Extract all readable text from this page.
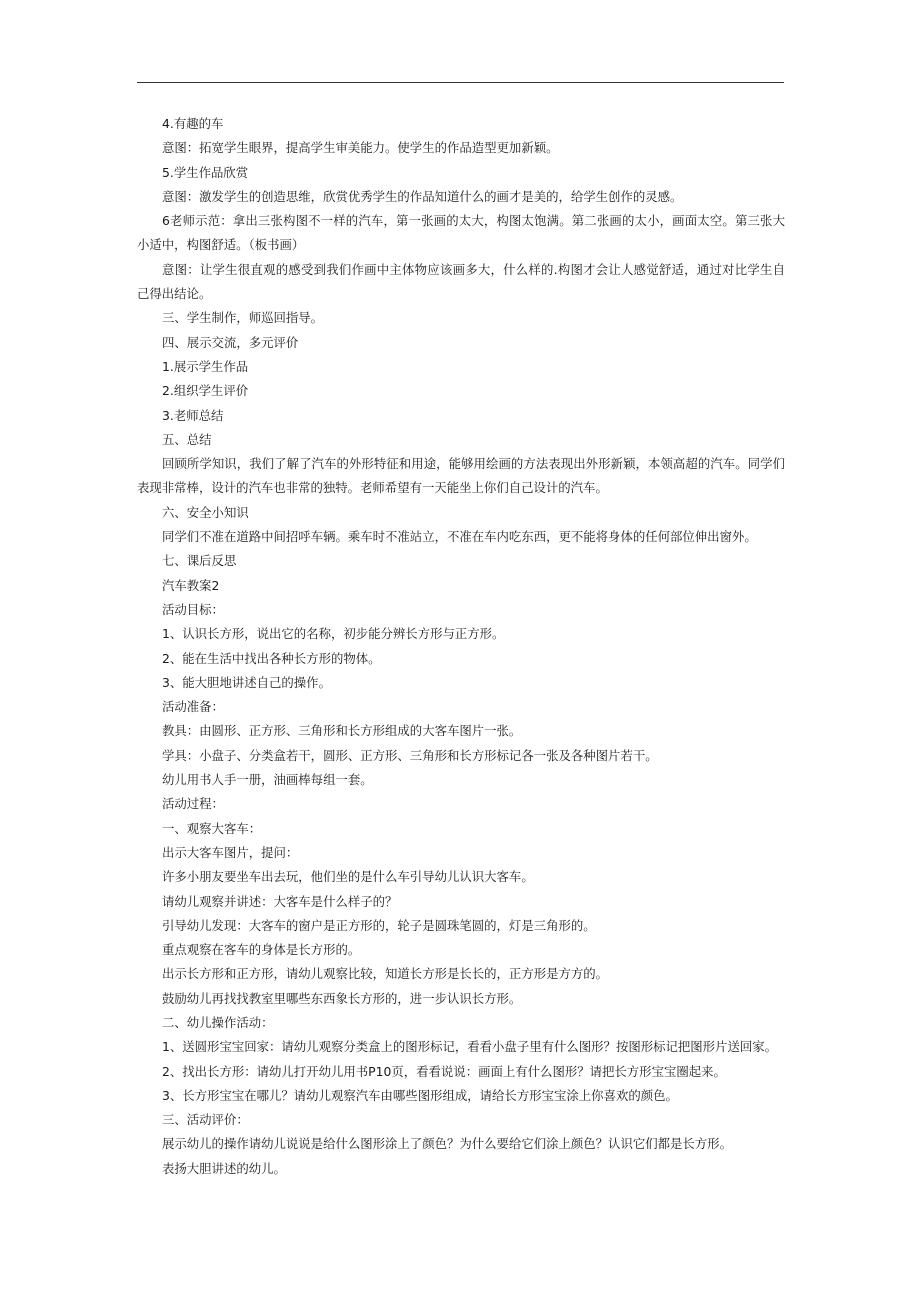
4.有趣的车

意图：拓宽学生眼界，提高学生审美能力。使学生的作品造型更加新颖。

5.学生作品欣赏

意图：激发学生的创造思维，欣赏优秀学生的作品知道什么的画才是美的，给学生创作的灵感。

6老师示范：拿出三张构图不一样的汽车，第一张画的太大，构图太饱满。第二张画的太小，画面太空。第三张大小适中，构图舒适。（板书画）

意图：让学生很直观的感受到我们作画中主体物应该画多大，什么样的.构图才会让人感觉舒适，通过对比学生自己得出结论。

三、学生制作，师巡回指导。

四、展示交流，多元评价

1.展示学生作品

2.组织学生评价

3.老师总结

五、总结

回顾所学知识，我们了解了汽车的外形特征和用途，能够用绘画的方法表现出外形新颖，本领高超的汽车。同学们表现非常棒，设计的汽车也非常的独特。老师希望有一天能坐上你们自己设计的汽车。

六、安全小知识

同学们不准在道路中间招呼车辆。乘车时不准站立，不准在车内吃东西，更不能将身体的任何部位伸出窗外。

七、课后反思

汽车教案2

活动目标：

1、认识长方形，说出它的名称，初步能分辨长方形与正方形。

2、能在生活中找出各种长方形的物体。

3、能大胆地讲述自己的操作。

活动准备：

教具：由圆形、正方形、三角形和长方形组成的大客车图片一张。

学具：小盘子、分类盒若干，圆形、正方形、三角形和长方形标记各一张及各种图片若干。

幼儿用书人手一册，油画棒每组一套。

活动过程：

一、观察大客车：

出示大客车图片，提问：

许多小朋友要坐车出去玩，他们坐的是什么车引导幼儿认识大客车。

请幼儿观察并讲述：大客车是什么样子的？

引导幼儿发现：大客车的窗户是正方形的，轮子是圆珠笔圆的，灯是三角形的。

重点观察在客车的身体是长方形的。

出示长方形和正方形，请幼儿观察比较，知道长方形是长长的，正方形是方方的。

鼓励幼儿再找找教室里哪些东西象长方形的，进一步认识长方形。

二、幼儿操作活动：

1、送圆形宝宝回家：请幼儿观察分类盒上的图形标记，看看小盘子里有什么图形？按图形标记把图形片送回家。

2、找出长方形：请幼儿打开幼儿用书P10页，看看说说：画面上有什么图形？请把长方形宝宝圈起来。

3、长方形宝宝在哪儿？请幼儿观察汽车由哪些图形组成，请给长方形宝宝涂上你喜欢的颜色。

三、活动评价：

展示幼儿的操作请幼儿说说是给什么图形涂上了颜色？为什么要给它们涂上颜色？认识它们都是长方形。

表扬大胆讲述的幼儿。
